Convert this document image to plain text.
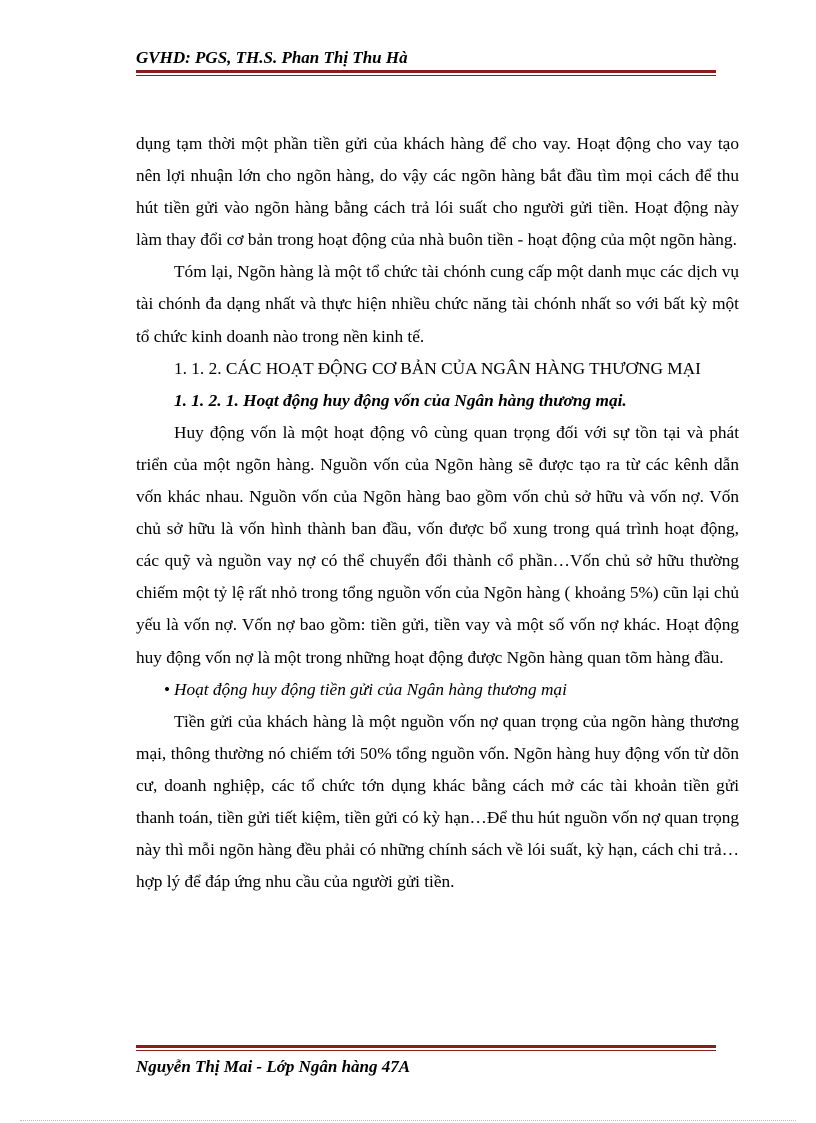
GVHD: PGS, TH.S. Phan Thị Thu Hà

dụng tạm thời một phần tiền gửi của khách hàng để cho vay. Hoạt động cho vay tạo nên lợi nhuận lớn cho ngõn hàng, do vậy các ngõn hàng bắt đầu tìm mọi cách để thu hút tiền gửi vào ngõn hàng bằng cách trả lói suất cho người gửi tiền. Hoạt động này làm thay đổi cơ bản trong hoạt động của nhà buôn tiền - hoạt động của một ngõn hàng.

Tóm lại, Ngõn hàng là một tổ chức tài chónh cung cấp một danh mục các dịch vụ tài chónh đa dạng nhất và thực hiện nhiều chức năng tài chónh nhất so với bất kỳ một tổ chức kinh doanh nào trong nền kinh tế.

1. 1. 2. CÁC HOẠT ĐỘNG CƠ BẢN CỦA NGÂN HÀNG THƯƠNG MẠI

1. 1. 2. 1. Hoạt động huy động vốn của Ngân hàng thương mại.

Huy động vốn là một hoạt động vô cùng quan trọng đối với sự tồn tại và phát triển của một ngõn hàng. Nguồn vốn của Ngõn hàng sẽ được tạo ra từ các kênh dẫn vốn khác nhau. Nguồn vốn của Ngõn hàng bao gồm vốn chủ sở hữu và vốn nợ. Vốn chủ sở hữu là vốn hình thành ban đầu, vốn được bổ xung trong quá trình hoạt động, các quỹ và nguồn vay nợ có thể chuyển đổi thành cổ phần…Vốn chủ sở hữu thường chiếm một tỷ lệ rất nhỏ trong tổng nguồn vốn của Ngõn hàng ( khoảng 5%) cũn lại chủ yếu là vốn nợ. Vốn nợ bao gồm: tiền gửi, tiền vay và một số vốn nợ khác. Hoạt động huy động vốn nợ là một trong những hoạt động được Ngõn hàng quan tõm hàng đầu.

• Hoạt động huy động tiền gửi của Ngân hàng thương mại

Tiền gửi của khách hàng là một nguồn vốn nợ quan trọng của ngõn hàng thương mại, thông thường nó chiếm tới 50% tổng nguồn vốn. Ngõn hàng huy động vốn từ dõn cư, doanh nghiệp, các tổ chức tớn dụng khác bằng cách mở các tài khoản tiền gửi thanh toán, tiền gửi tiết kiệm, tiền gửi có kỳ hạn…Để thu hút nguồn vốn nợ quan trọng này thì mỗi ngõn hàng đều phải có những chính sách về lói suất, kỳ hạn, cách chi trả… hợp lý để đáp ứng nhu cầu của người gửi tiền.

Nguyễn Thị Mai - Lớp Ngân hàng 47A
